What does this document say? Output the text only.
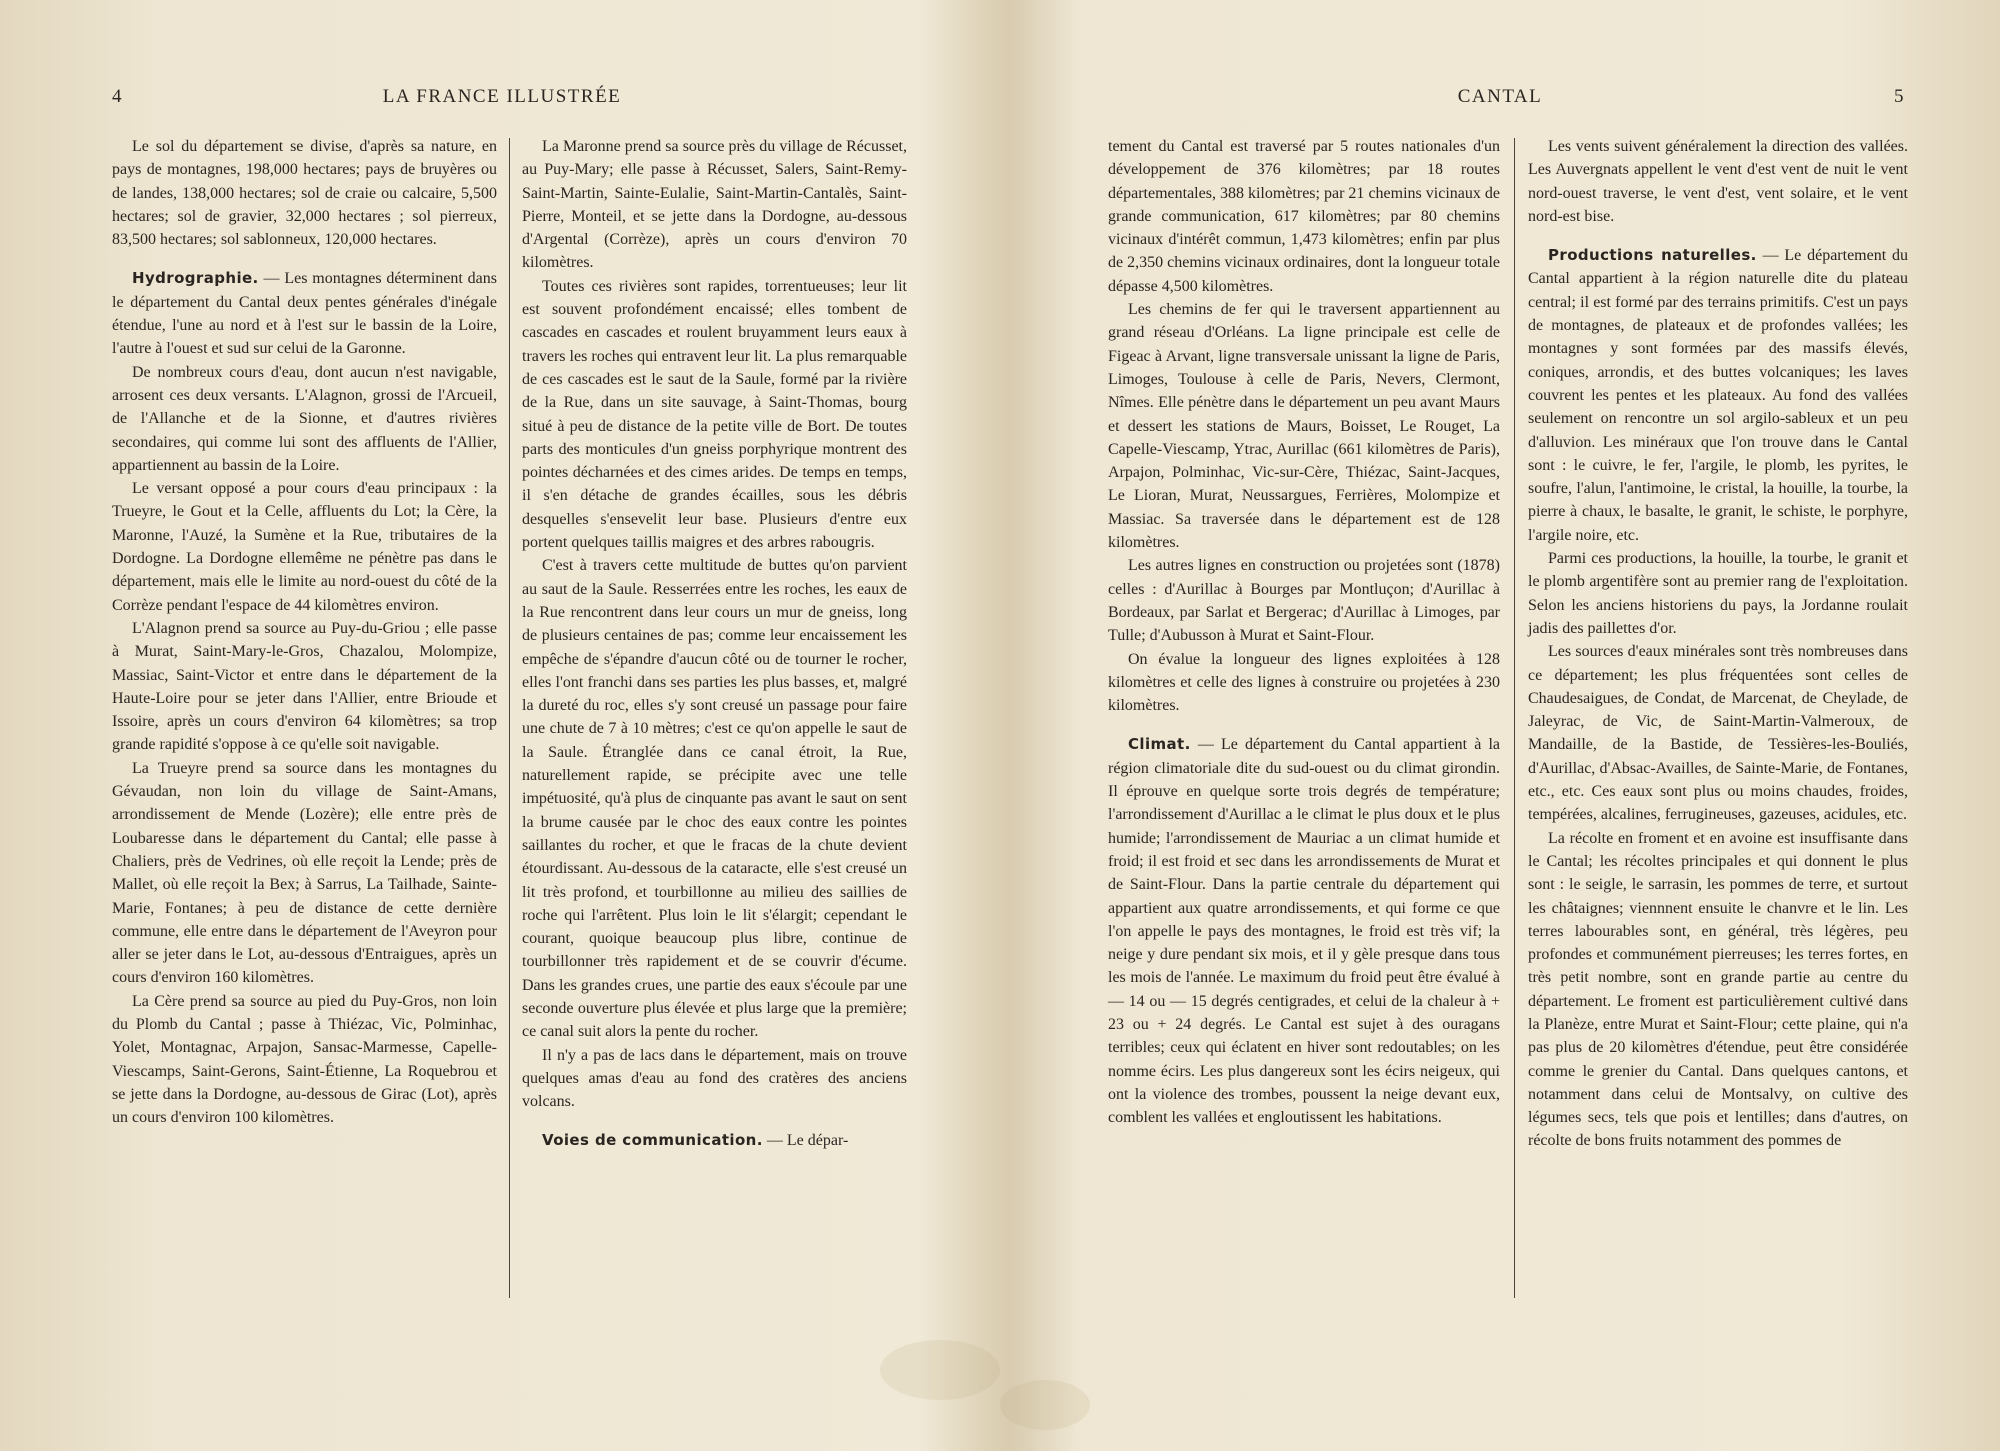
4	LA FRANCE ILLUSTRÉE

Le sol du département se divise, d'après sa nature, en pays de montagnes, 198,000 hectares; pays de bruyères ou de landes, 138,000 hectares; sol de craie ou calcaire, 5,500 hectares; sol de gravier, 32,000 hectares ; sol pierreux, 83,500 hectares; sol sablonneux, 120,000 hectares.

Hydrographie. — Les montagnes déterminent dans le département du Cantal deux pentes générales d'inégale étendue, l'une au nord et à l'est sur le bassin de la Loire, l'autre à l'ouest et sud sur celui de la Garonne.

De nombreux cours d'eau, dont aucun n'est navigable, arrosent ces deux versants. L'Alagnon, grossi de l'Arcueil, de l'Allanche et de la Sionne, et d'autres rivières secondaires, qui comme lui sont des affluents de l'Allier, appartiennent au bassin de la Loire.

Le versant opposé a pour cours d'eau principaux : la Trueyre, le Gout et la Celle, affluents du Lot; la Cère, la Maronne, l'Auzé, la Sumène et la Rue, tributaires de la Dordogne. La Dordogne ellemême ne pénètre pas dans le département, mais elle le limite au nord-ouest du côté de la Corrèze pendant l'espace de 44 kilomètres environ.

L'Alagnon prend sa source au Puy-du-Griou ; elle passe à Murat, Saint-Mary-le-Gros, Chazalou, Molompize, Massiac, Saint-Victor et entre dans le département de la Haute-Loire pour se jeter dans l'Allier, entre Brioude et Issoire, après un cours d'environ 64 kilomètres; sa trop grande rapidité s'oppose à ce qu'elle soit navigable.

La Trueyre prend sa source dans les montagnes du Gévaudan, non loin du village de Saint-Amans, arrondissement de Mende (Lozère); elle entre près de Loubaresse dans le département du Cantal; elle passe à Chaliers, près de Vedrines, où elle reçoit la Lende; près de Mallet, où elle reçoit la Bex; à Sarrus, La Tailhade, Sainte-Marie, Fontanes; à peu de distance de cette dernière commune, elle entre dans le département de l'Aveyron pour aller se jeter dans le Lot, au-dessous d'Entraigues, après un cours d'environ 160 kilomètres.

La Cère prend sa source au pied du Puy-Gros, non loin du Plomb du Cantal ; passe à Thiézac, Vic, Polminhac, Yolet, Montagnac, Arpajon, Sansac-Marmesse, Capelle-Viescamps, Saint-Gerons, Saint-Étienne, La Roquebrou et se jette dans la Dordogne, au-dessous de Girac (Lot), après un cours d'environ 100 kilomètres.

La Maronne prend sa source près du village de Récusset, au Puy-Mary; elle passe à Récusset, Salers, Saint-Remy-Saint-Martin, Sainte-Eulalie, Saint-Martin-Cantalès, Saint-Pierre, Monteil, et se jette dans la Dordogne, au-dessous d'Argental (Corrèze), après un cours d'environ 70 kilomètres.

Toutes ces rivières sont rapides, torrentueuses; leur lit est souvent profondément encaissé; elles tombent de cascades en cascades et roulent bruyamment leurs eaux à travers les roches qui entravent leur lit. La plus remarquable de ces cascades est le saut de la Saule, formé par la rivière de la Rue, dans un site sauvage, à Saint-Thomas, bourg situé à peu de distance de la petite ville de Bort. De toutes parts des monticules d'un gneiss porphyrique montrent des pointes décharnées et des cimes arides. De temps en temps, il s'en détache de grandes écailles, sous les débris desquelles s'ensevelit leur base. Plusieurs d'entre eux portent quelques taillis maigres et des arbres rabougris.

C'est à travers cette multitude de buttes qu'on parvient au saut de la Saule. Resserrées entre les roches, les eaux de la Rue rencontrent dans leur cours un mur de gneiss, long de plusieurs centaines de pas; comme leur encaissement les empêche de s'épandre d'aucun côté ou de tourner le rocher, elles l'ont franchi dans ses parties les plus basses, et, malgré la dureté du roc, elles s'y sont creusé un passage pour faire une chute de 7 à 10 mètres; c'est ce qu'on appelle le saut de la Saule. Étranglée dans ce canal étroit, la Rue, naturellement rapide, se précipite avec une telle impétuosité, qu'à plus de cinquante pas avant le saut on sent la brume causée par le choc des eaux contre les pointes saillantes du rocher, et que le fracas de la chute devient étourdissant. Au-dessous de la cataracte, elle s'est creusé un lit très profond, et tourbillonne au milieu des saillies de roche qui l'arrêtent. Plus loin le lit s'élargit; cependant le courant, quoique beaucoup plus libre, continue de tourbillonner très rapidement et de se couvrir d'écume. Dans les grandes crues, une partie des eaux s'écoule par une seconde ouverture plus élevée et plus large que la première; ce canal suit alors la pente du rocher.

Il n'y a pas de lacs dans le département, mais on trouve quelques amas d'eau au fond des cratères des anciens volcans.

Voies de communication. — Le dépar-

CANTAL	5

tement du Cantal est traversé par 5 routes nationales d'un développement de 376 kilomètres; par 18 routes départementales, 388 kilomètres; par 21 chemins vicinaux de grande communication, 617 kilomètres; par 80 chemins vicinaux d'intérêt commun, 1,473 kilomètres; enfin par plus de 2,350 chemins vicinaux ordinaires, dont la longueur totale dépasse 4,500 kilomètres.

Les chemins de fer qui le traversent appartiennent au grand réseau d'Orléans. La ligne principale est celle de Figeac à Arvant, ligne transversale unissant la ligne de Paris, Limoges, Toulouse à celle de Paris, Nevers, Clermont, Nîmes. Elle pénètre dans le département un peu avant Maurs et dessert les stations de Maurs, Boisset, Le Rouget, La Capelle-Viescamp, Ytrac, Aurillac (661 kilomètres de Paris), Arpajon, Polminhac, Vic-sur-Cère, Thiézac, Saint-Jacques, Le Lioran, Murat, Neussargues, Ferrières, Molompize et Massiac. Sa traversée dans le département est de 128 kilomètres.

Les autres lignes en construction ou projetées sont (1878) celles : d'Aurillac à Bourges par Montluçon; d'Aurillac à Bordeaux, par Sarlat et Bergerac; d'Aurillac à Limoges, par Tulle; d'Aubusson à Murat et Saint-Flour.

On évalue la longueur des lignes exploitées à 128 kilomètres et celle des lignes à construire ou projetées à 230 kilomètres.

Climat. — Le département du Cantal appartient à la région climatoriale dite du sud-ouest ou du climat girondin. Il éprouve en quelque sorte trois degrés de température; l'arrondissement d'Aurillac a le climat le plus doux et le plus humide; l'arrondissement de Mauriac a un climat humide et froid; il est froid et sec dans les arrondissements de Murat et de Saint-Flour. Dans la partie centrale du département qui appartient aux quatre arrondissements, et qui forme ce que l'on appelle le pays des montagnes, le froid est très vif; la neige y dure pendant six mois, et il y gèle presque dans tous les mois de l'année. Le maximum du froid peut être évalué à — 14 ou — 15 degrés centigrades, et celui de la chaleur à + 23 ou + 24 degrés. Le Cantal est sujet à des ouragans terribles; ceux qui éclatent en hiver sont redoutables; on les nomme écirs. Les plus dangereux sont les écirs neigeux, qui ont la violence des trombes, poussent la neige devant eux, comblent les vallées et engloutissent les habitations.

Les vents suivent généralement la direction des vallées. Les Auvergnats appellent le vent d'est vent de nuit le vent nord-ouest traverse, le vent d'est, vent solaire, et le vent nord-est bise.

Productions naturelles. — Le département du Cantal appartient à la région naturelle dite du plateau central; il est formé par des terrains primitifs. C'est un pays de montagnes, de plateaux et de profondes vallées; les montagnes y sont formées par des massifs élevés, coniques, arrondis, et des buttes volcaniques; les laves couvrent les pentes et les plateaux. Au fond des vallées seulement on rencontre un sol argilo-sableux et un peu d'alluvion. Les minéraux que l'on trouve dans le Cantal sont : le cuivre, le fer, l'argile, le plomb, les pyrites, le soufre, l'alun, l'antimoine, le cristal, la houille, la tourbe, la pierre à chaux, le basalte, le granit, le schiste, le porphyre, l'argile noire, etc.

Parmi ces productions, la houille, la tourbe, le granit et le plomb argentifère sont au premier rang de l'exploitation. Selon les anciens historiens du pays, la Jordanne roulait jadis des paillettes d'or.

Les sources d'eaux minérales sont très nombreuses dans ce département; les plus fréquentées sont celles de Chaudesaigues, de Condat, de Marcenat, de Cheylade, de Jaleyrac, de Vic, de Saint-Martin-Valmeroux, de Mandaille, de la Bastide, de Tessières-les-Bouliés, d'Aurillac, d'Absac-Availles, de Sainte-Marie, de Fontanes, etc., etc. Ces eaux sont plus ou moins chaudes, froides, tempérées, alcalines, ferrugineuses, gazeuses, acidules, etc.

La récolte en froment et en avoine est insuffisante dans le Cantal; les récoltes principales et qui donnent le plus sont : le seigle, le sarrasin, les pommes de terre, et surtout les châtaignes; viennnent ensuite le chanvre et le lin. Les terres labourables sont, en général, très légères, peu profondes et communément pierreuses; les terres fortes, en très petit nombre, sont en grande partie au centre du département. Le froment est particulièrement cultivé dans la Planèze, entre Murat et Saint-Flour; cette plaine, qui n'a pas plus de 20 kilomètres d'étendue, peut être considérée comme le grenier du Cantal. Dans quelques cantons, et notamment dans celui de Montsalvy, on cultive des légumes secs, tels que pois et lentilles; dans d'autres, on récolte de bons fruits notamment des pommes de
